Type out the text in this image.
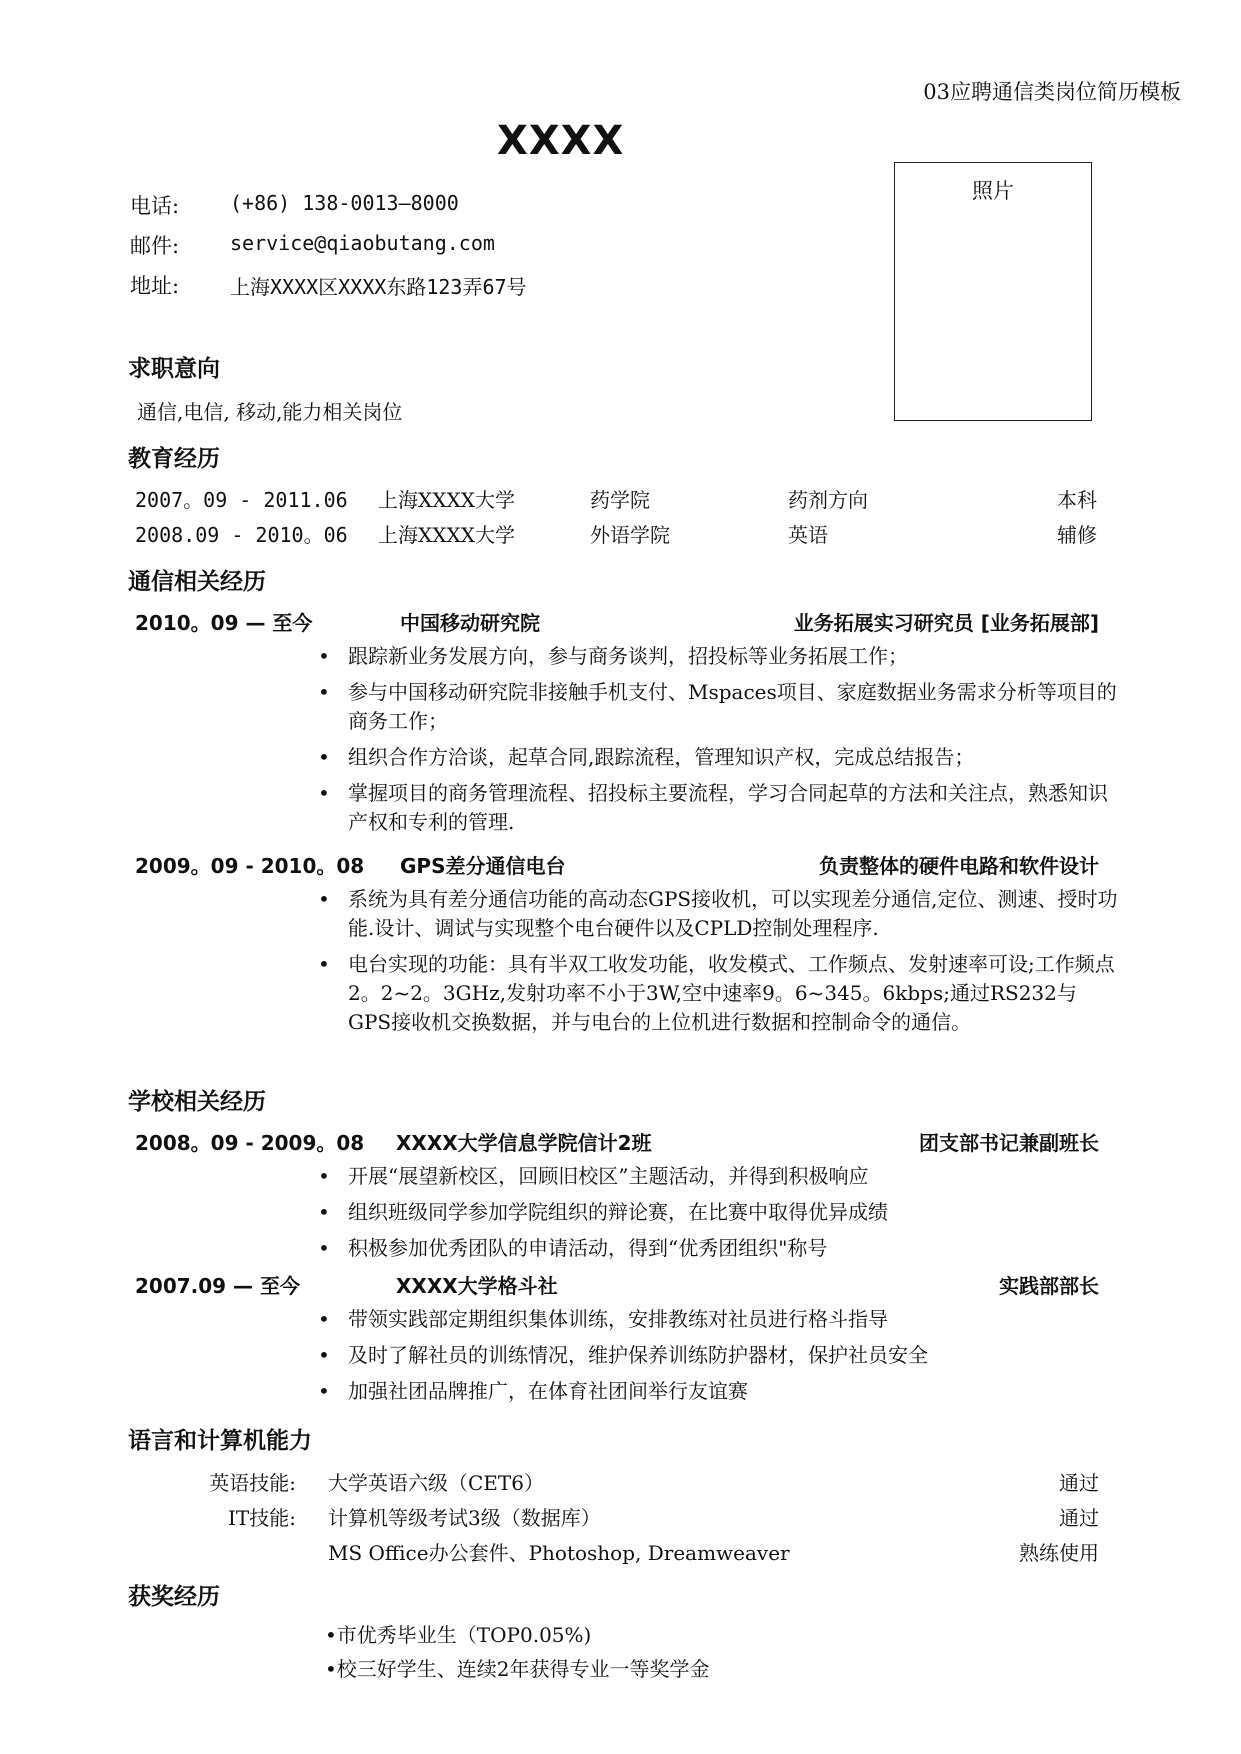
03应聘通信类岗位简历模板
XXXX
照片
电话:	(+86) 138-0013—8000
邮件:	service@qiaobutang.com
地址:	上海XXXX区XXXX东路123弄67号
求职意向
通信,电信, 移动,能力相关岗位
教育经历
2007。09 - 2011.06 上海XXXX大学	药学院	药剂方向	本科
2008.09 - 2010。06 上海XXXX大学	外语学院	英语	辅修
通信相关经历
2010。09 — 至今	中国移动研究院	业务拓展实习研究员 [业务拓展部]
• 跟踪新业务发展方向，参与商务谈判，招投标等业务拓展工作；
• 参与中国移动研究院非接触手机支付、Mspaces项目、家庭数据业务需求分析等项目的商务工作；
• 组织合作方洽谈，起草合同,跟踪流程，管理知识产权，完成总结报告；
• 掌握项目的商务管理流程、招投标主要流程，学习合同起草的方法和关注点，熟悉知识产权和专利的管理.
2009。09 - 2010。08 GPS差分通信电台	负责整体的硬件电路和软件设计
• 系统为具有差分通信功能的高动态GPS接收机，可以实现差分通信,定位、测速、授时功能.设计、调试与实现整个电台硬件以及CPLD控制处理程序.
• 电台实现的功能：具有半双工收发功能，收发模式、工作频点、发射速率可设;工作频点2。2~2。3GHz,发射功率不小于3W,空中速率9。6~345。6kbps;通过RS232与GPS接收机交换数据，并与电台的上位机进行数据和控制命令的通信。
学校相关经历
2008。09 - 2009。08 XXXX大学信息学院信计2班	团支部书记兼副班长
• 开展“展望新校区，回顾旧校区”主题活动，并得到积极响应
• 组织班级同学参加学院组织的辩论赛，在比赛中取得优异成绩
• 积极参加优秀团队的申请活动，得到“优秀团组织"称号
2007.09 — 至今	XXXX大学格斗社	实践部部长
• 带领实践部定期组织集体训练，安排教练对社员进行格斗指导
• 及时了解社员的训练情况，维护保养训练防护器材，保护社员安全
• 加强社团品牌推广，在体育社团间举行友谊赛
语言和计算机能力
英语技能: 大学英语六级（CET6）	通过
IT技能: 计算机等级考试3级（数据库）	通过
MS Office办公套件、Photoshop, Dreamweaver	熟练使用
获奖经历
•市优秀毕业生（TOP0.05%)
•校三好学生、连续2年获得专业一等奖学金
